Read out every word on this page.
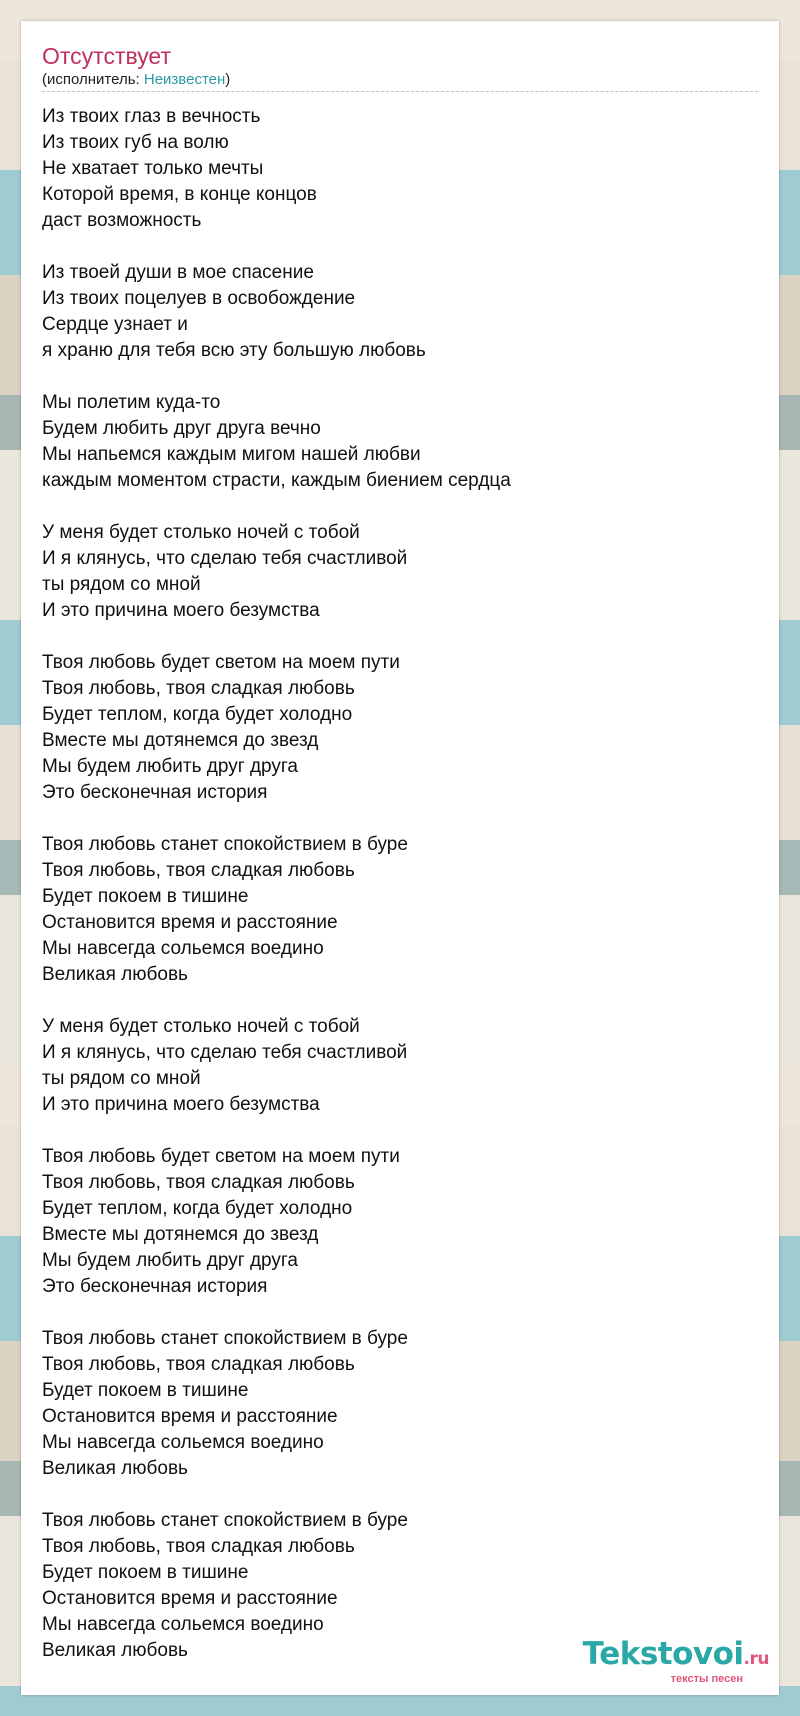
Отсутствует
(исполнитель: Неизвестен)
Из твоих глаз в вечность
Из твоих губ на волю
Не хватает только мечты
Которой время, в конце концов
даст возможность
Из твоей души в мое спасение
Из твоих поцелуев в освобождение
Сердце узнает и
я храню для тебя всю эту большую любовь
Мы полетим куда-то
Будем любить друг друга вечно
Мы напьемся каждым мигом нашей любви
каждым моментом страсти, каждым биением сердца
У меня будет столько ночей с тобой
И я клянусь, что сделаю тебя счастливой
ты рядом со мной
И это причина моего безумства
Твоя любовь будет светом на моем пути
Твоя любовь, твоя сладкая любовь
Будет теплом, когда будет холодно
Вместе мы дотянемся до звезд
Мы будем любить друг друга
Это бесконечная история
Твоя любовь станет спокойствием в буре
Твоя любовь, твоя сладкая любовь
Будет покоем в тишине
Остановится время и расстояние
Мы навсегда сольемся воедино
Великая любовь
У меня будет столько ночей с тобой
И я клянусь, что сделаю тебя счастливой
ты рядом со мной
И это причина моего безумства
Твоя любовь будет светом на моем пути
Твоя любовь, твоя сладкая любовь
Будет теплом, когда будет холодно
Вместе мы дотянемся до звезд
Мы будем любить друг друга
Это бесконечная история
Твоя любовь станет спокойствием в буре
Твоя любовь, твоя сладкая любовь
Будет покоем в тишине
Остановится время и расстояние
Мы навсегда сольемся воедино
Великая любовь
Твоя любовь станет спокойствием в буре
Твоя любовь, твоя сладкая любовь
Будет покоем в тишине
Остановится время и расстояние
Мы навсегда сольемся воедино
Великая любовь	Tekstovoi.ru
тексты песен
